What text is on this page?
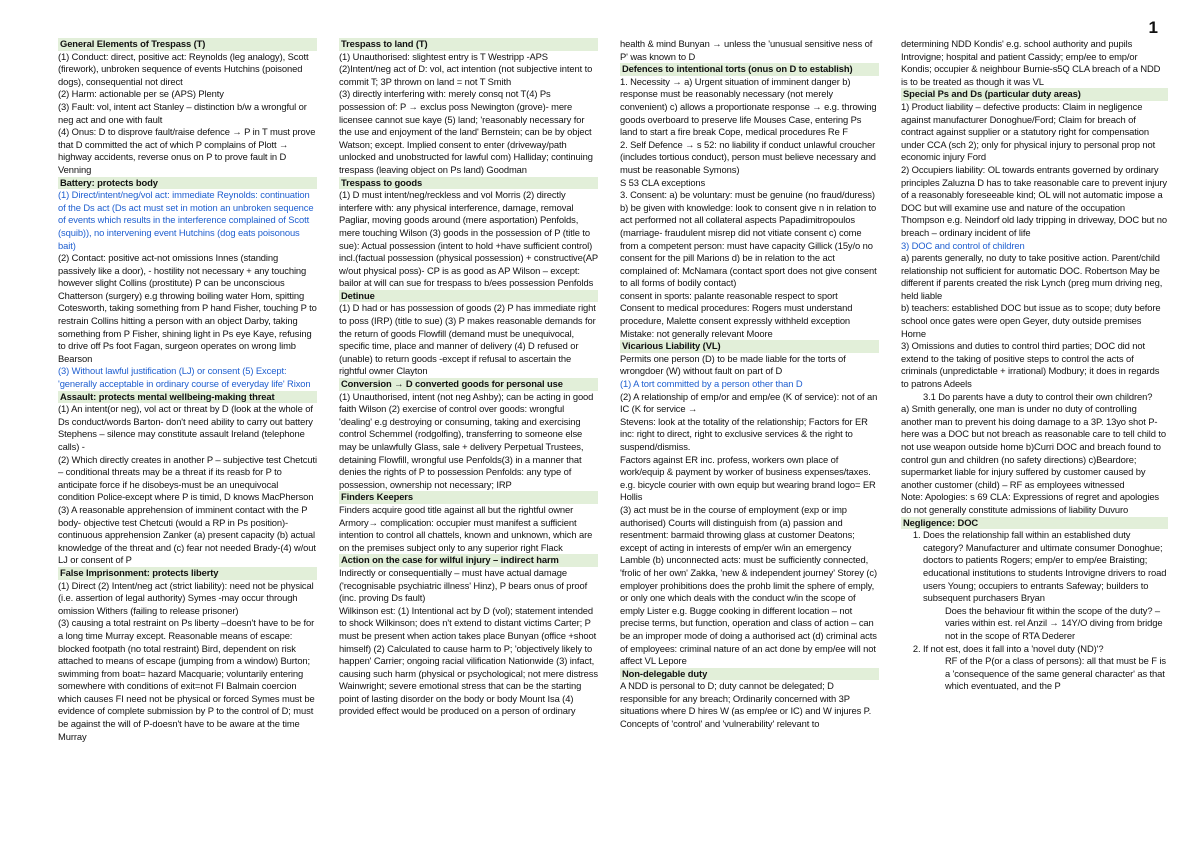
1
General Elements of Trespass (T)
(1) Conduct: direct, positive act: Reynolds (leg analogy), Scott (firework), unbroken sequence of events Hutchins (poisoned dogs), consequential not direct
(2) Harm: actionable per se (APS) Plenty
(3) Fault: vol, intent act Stanley – distinction b/w a wrongful or neg act and one with fault
(4) Onus: D to disprove fault/raise defence → P in T must prove that D committed the act of which P complains of Plott → highway accidents, reverse onus on P to prove fault in D Venning
Battery: protects body
(1) Direct/intent/neg/vol act: immediate Reynolds: continuation of the Ds act (Ds act must set in motion an unbroken sequence of events which results in the interference complained of Scott (squib)), no intervening event Hutchins (dog eats poisonous bait)
(2) Contact: positive act-not omissions Innes (standing passively like a door), - hostility not necessary + any touching however slight Collins (prostitute) P can be unconscious Chatterson (surgery) e.g throwing boiling water Hom, spitting Cotesworth, taking something from P hand Fisher, touching P to restrain Collins hitting a person with an object Darby, taking something from P Fisher, shining light in Ps eye Kaye, refusing to drive off Ps foot Fagan, surgeon operates on wrong limb Bearson
(3) Without lawful justification (LJ) or consent (5) Except: 'generally acceptable in ordinary course of everyday life' Rixon
Assault: protects mental wellbeing-making threat
(1) An intent(or neg), vol act or threat by D (look at the whole of Ds conduct/words Barton- don't need ability to carry out battery Stephens – silence may constitute assault Ireland (telephone calls) -
(2) Which directly creates in another P – subjective test Chetcuti – conditional threats may be a threat if its reasb for P to anticipate force if he disobeys-must be an unequivocal condition Police-except where P is timid, D knows MacPherson
(3) A reasonable apprehension of imminent contact with the P body- objective test Chetcuti (would a RP in Ps position)-continuous apprehension Zanker (a) present capacity (b) actual knowledge of the threat and (c) fear not needed Brady-(4) w/out LJ or consent of P
False Imprisonment: protects liberty
(1) Direct (2) Intent/neg act (strict liability): need not be physical (i.e. assertion of legal authority) Symes -may occur through omission Withers (failing to release prisoner)
(3) causing a total restraint on Ps liberty –doesn't have to be for a long time Murray except. Reasonable means of escape: blocked footpath (no total restraint) Bird, dependent on risk attached to means of escape (jumping from a window) Burton; swimming from boat= hazard Macquarie; voluntarily entering somewhere with conditions of exit=not FI Balmain coercion which causes FI need not be physical or forced Symes must be evidence of complete submission by P to the control of D; must be against the will of P-doesn't have to be aware at the time Murray
Trespass to land (T)
(1) Unauthorised: slightest entry is T Westripp -APS
(2)Intent/neg act of D: vol, act intention (not subjective intent to commit T; 3P thrown on land = not T Smith
(3) directly interfering with: merely consq not T(4) Ps possession of: P → exclus poss Newington (grove)- mere licensee cannot sue kaye (5) land; 'reasonably necessary for the use and enjoyment of the land' Bernstein; can be by object Watson; except. Implied consent to enter (driveway/path unlocked and unobstructed for lawful com) Halliday; continuing trespass (leaving object on Ps land) Goodman
Trespass to goods
(1) D must intent/neg/reckless and vol Morris (2) directly interfere with: any physical interference, damage, removal Pagliar, moving goods around (mere asportation) Penfolds, mere touching Wilson (3) goods in the possession of P (title to sue): Actual possession (intent to hold +have sufficient control) incl.(factual possession (physical possession) + constructive(AP w/out physical poss)- CP is as good as AP Wilson – except: bailor at will can sue for trespass to b/ees possession Penfolds
Detinue
(1) D had or has possession of goods (2) P has immediate right to poss (IRP) (title to sue) (3) P makes reasonable demands for the return of goods Flowfill (demand must be unequivocal, specific time, place and manner of delivery (4) D refused or (unable) to return goods -except if refusal to ascertain the rightful owner Clayton
Conversion → D converted goods for personal use
(1) Unauthorised, intent (not neg Ashby); can be acting in good faith Wilson (2) exercise of control over goods: wrongful 'dealing' e.g destroying or consuming, taking and exercising control Schemmel (rodgolfing), transferring to someone else may be unlawfully Glass, sale + delivery Perpetual Trustees, detaining Flowfill, wrongful use Penfolds(3) in a manner that denies the rights of P to possession Penfolds: any type of possession, ownership not necessary; IRP
Finders Keepers
Finders acquire good title against all but the rightful owner Armory→ complication: occupier must manifest a sufficient intention to control all chattels, known and unknown, which are on the premises subject only to any superior right Flack
Action on the case for wilful injury – indirect harm
Indirectly or consequentially – must have actual damage ('recognisable psychiatric illness' Hinz), P bears onus of proof (inc. proving Ds fault)
Wilkinson est: (1) Intentional act by D (vol); statement intended to shock Wilkinson; does n't extend to distant victims Carter; P must be present when action takes place Bunyan (office +shoot himself) (2) Calculated to cause harm to P; 'objectively likely to happen' Carrier; ongoing racial vilification Nationwide (3) infact, causing such harm (physical or psychological; not mere distress Wainwright; severe emotional stress that can be the starting point of lasting disorder on the body or body Mount Isa (4) provided effect would be produced on a person of ordinary
health & mind Bunyan → unless the 'unusual sensitive ness of P' was known to D
Defences to intentional torts (onus on D to establish)
1. Necessity → a) Urgent situation of imminent danger b) response must be reasonably necessary (not merely convenient) c) allows a proportionate response → e.g. throwing goods overboard to preserve life Mouses Case, entering Ps land to start a fire break Cope, medical procedures Re F
2. Self Defence → s 52: no liability if conduct unlawful croucher (includes tortious conduct), person must believe necessary and must be reasonable Symons)
S 53 CLA exceptions
3. Consent: a) be voluntary: must be genuine (no fraud/duress) b) be given with knowledge: look to consent give n in relation to act performed not all collateral aspects Papadimitropoulos (marriage- fraudulent misrep did not vitiate consent c) come from a competent person: must have capacity Gillick (15y/o no consent for the pill Marions d) be in relation to the act complained of: McNamara (contact sport does not give consent to all forms of bodily contact)
consent in sports: palante reasonable respect to sport
Consent to medical procedures: Rogers must understand procedure, Malette consent expressly withheld exception
Mistake: not generally relevant Moore
Vicarious Liability (VL)
Permits one person (D) to be made liable for the torts of wrongdoer (W) without fault on part of D
(1) A tort committed by a person other than D
(2) A relationship of emp/or and emp/ee (K of service): not of an IC (K for service →
Stevens: look at the totality of the relationship; Factors for ER inc: right to direct, right to exclusive services & the right to suspend/dismiss.
Factors against ER inc. profess, workers own place of work/equip & payment by worker of business expenses/taxes. e.g. bicycle courier with own equip but wearing brand logo= ER Hollis
(3) act must be in the course of employment (exp or imp authorised) Courts will distinguish from (a) passion and resentment: barmaid throwing glass at customer Deatons; except of acting in interests of emp/er w/in an emergency Lamble (b) unconnected acts: must be sufficiently connected, 'frolic of her own' Zakka, 'new & independent journey' Storey (c) employer prohibitions does the prohb limit the sphere of emply, or only one which deals with the conduct w/in the scope of emply Lister e.g. Bugge cooking in different location – not precise terms, but function, operation and class of action – can be an improper mode of doing a authorised act (d) criminal acts of employees: criminal nature of an act done by emp/ee will not affect VL Lepore
Non-delegable duty
A NDD is personal to D; duty cannot be delegated; D responsible for any breach; Ordinarily concerned with 3P situations where D hires W (as emp/ee or IC) and W injures P. Concepts of 'control' and 'vulnerability' relevant to
determining NDD Kondis' e.g. school authority and pupils Introvigne; hospital and patient Cassidy; emp/ee to emp/or Kondis; occupier & neighbour Burnie-s5Q CLA breach of a NDD is to be treated as though it was VL
Special Ps and Ds (particular duty areas)
1) Product liability – defective products: Claim in negligence against manufacturer Donoghue/Ford; Claim for breach of contract against supplier or a statutory right for compensation under CCA (sch 2); only for physical injury to personal prop not economic injury Ford
2) Occupiers liability: OL towards entrants governed by ordinary principles Zaluzna D has to take reasonable care to prevent injury of a reasonably foreseeable kind; OL will not automatic impose a DOC but will examine use and nature of the occupation Thompson e.g. Neindorf old lady tripping in driveway, DOC but no breach – ordinary incident of life
3) DOC and control of children
a) parents generally, no duty to take positive action. Parent/child relationship not sufficient for automatic DOC. Robertson May be different if parents created the risk Lynch (preg mum driving neg, held liable
b) teachers: established DOC but issue as to scope; duty before school once gates were open Geyer, duty outside premises Horne
3) Omissions and duties to control third parties; DOC did not extend to the taking of positive steps to control the acts of criminals (unpredictable + irrational) Modbury; it does in regards to patrons Adeels
3.1 Do parents have a duty to control their own children?
a) Smith generally, one man is under no duty of controlling another man to prevent his doing damage to a 3P. 13yo shot P-here was a DOC but not breach as reasonable care to tell child to not use weapon outside home b)Curri DOC and breach found to control gun and children (no safety directions) c)Beardore; supermarket liable for injury suffered by customer caused by another customer (child) – RF as employees witnessed
Note: Apologies: s 69 CLA: Expressions of regret and apologies do not generally constitute admissions of liability Duvuro
Negligence: DOC
1. Does the relationship fall within an established duty category? Manufacturer and ultimate consumer Donoghue; doctors to patients Rogers; emp/er to emp/ee Braisting; educational institutions to students Introvigne drivers to road users Young; occupiers to entrants Safeway; builders to subsequent purchasers Bryan
Does the behaviour fit within the scope of the duty? – varies within est. rel Anzil → 14Y/O diving from bridge not in the scope of RTA Dederer
2. If not est, does it fall into a 'novel duty (ND)'?
RF of the P(or a class of persons): all that must be F is a 'consequence of the same general character' as that which eventuated, and the P
